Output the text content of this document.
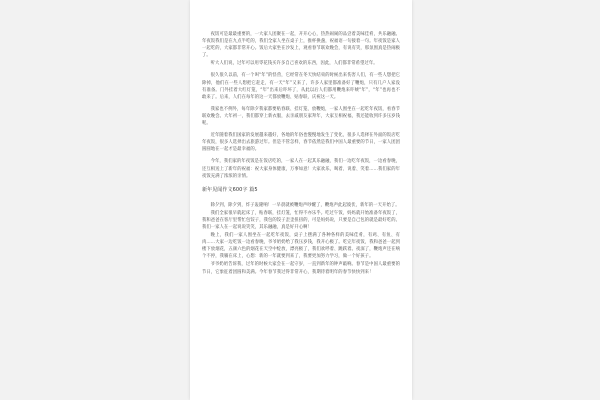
夜饭可是最最重要的，一大家人团聚在一起，开开心心，热热闹闹的品尝着美味佳肴，共乐融融。年夜饭我们是在九点半吃的，我们全家人坐在桌子上，推杯换盏，祝福语一句接着一句。年夜饭是家人一起吃的，大家都非常开心。饭后大家坐在沙发上，观看春节联欢晚会，有说有笑，那氛围真是热闹极了。

听大人们说，过年可以用零花钱买许多自己喜欢的东西，因此，人们都非常希望过年。

很久很久以前，有一个叫“年”的怪兽，它经常在冬天快结束的时候出来伤害人们，有一些人想把它除掉，他们在一些人想把它赶走，有一天“年”又来了，许多人家里都准备好了鞭炮，只有几户人家没有准备。门外挂着大红灯笼，“年”出来后吓坏了，从此以后人们都用鞭炮来吓唬“年”，“年”也再也不敢来了。后来，人们在每年的这一天都放鞭炮、贴春联，庆祝这一天。

我家也不例外，每年除夕我家都要贴春联、挂灯笼、放鞭炮，一家人围坐在一起吃年夜饭，看春节联欢晚会。大年初一，我们都穿上新衣服，去亲戚朋友家拜年，大家互相祝福，我还能收到许多压岁钱呢。

近年随着我们国家的发展越来越好，各地的年俗也慢慢地发生了变化，很多人选择在外面的饭店吃年夜饭，很多人选择出去旅游过年。但是不管怎样，春节依然是我们中国人最重要的节日，一家人团团圆圆地在一起才是最幸福的。

今年，我们家的年夜饭是在饭店吃的，一家人在一起其乐融融，我们一边吃年夜饭，一边看春晚，还互相送上了新年的祝福：祝大家身体健康，万事如意！大家欢乐，喝着、说着、笑着……我们家的年夜饭充满了浓浓的亲情。

新年见闻作文600字 篇5

除夕到，除夕到，炸子轰隆响！一早晨就被鞭炮声吵醒了，鞭炮声此起彼伏，新年的一天开始了。

我们全家很早就起床了，贴春联，挂灯笼，忙得不亦乐乎。吃过午饭，妈妈就开始准备年夜饭了，我和爸爸在客厅里帮忙包饺子，我包的饺子歪歪扭扭的，可是妈妈说，只要是自己包的就是最好吃的。我们一家人在一起说说笑笑，其乐融融，真是好开心啊！

晚上，我们一家人围坐在一起吃年夜饭，桌子上摆满了各种各样的美味佳肴，有鸡、有鱼、有肉……大家一边吃饭一边看春晚，爷爷奶奶给了我压岁钱，我开心极了。吃完年夜饭，我和爸爸一起到楼下放烟花，五颜六色的烟花在天空中绽放，漂亮极了，我们欢呼着、跳跃着。夜深了，鞭炮声还在响个不停，我躺在床上，心想：新的一年就要到来了，我要更加努力学习，做一个好孩子。

爷爷奶奶告诉我，过年的时候大家会在一起守岁，一直到新年的钟声敲响。春节是中国人最重要的节日，它象征着团圆和美满。今年春节我过得非常开心，我期待着明年的春节快快到来！
